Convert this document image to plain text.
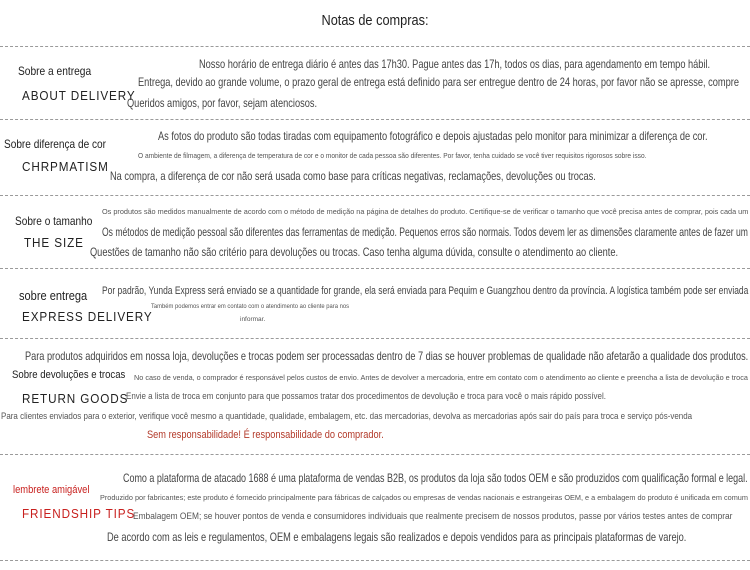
Notas de compras:
Sobre a entrega
ABOUT DELIVERY
Nosso horário de entrega diário é antes das 17h30. Pague antes das 17h, todos os dias, para agendamento em tempo hábil.
Entrega, devido ao grande volume, o prazo geral de entrega está definido para ser entregue dentro de 24 horas, por favor não se apresse, compre
Queridos amigos, por favor, sejam atenciosos.
Sobre diferença de cor
CHRPMATISM
As fotos do produto são todas tiradas com equipamento fotográfico e depois ajustadas pelo monitor para minimizar a diferença de cor.
O ambiente de filmagem, a diferença de temperatura de cor e o monitor de cada pessoa são diferentes. Por favor, tenha cuidado se você tiver requisitos rigorosos sobre isso.
Na compra, a diferença de cor não será usada como base para críticas negativas, reclamações, devoluções ou trocas.
Sobre o tamanho
THE SIZE
Os produtos são medidos manualmente de acordo com o método de medição na página de detalhes do produto. Certifique-se de verificar o tamanho que você precisa antes de comprar, pois cada um
Os métodos de medição pessoal são diferentes das ferramentas de medição. Pequenos erros são normais. Todos devem ler as dimensões claramente antes de fazer um
Questões de tamanho não são critério para devoluções ou trocas. Caso tenha alguma dúvida, consulte o atendimento ao cliente.
sobre entrega
EXPRESS DELIVERY
Por padrão, Yunda Express será enviado se a quantidade for grande, ela será enviada para Pequim e Guangzhou dentro da província. A logística também pode ser enviada
Também podemos entrar em contato com o atendimento ao cliente para nos
informar.
Sobre devoluções e trocas
RETURN GOODS
Para produtos adquiridos em nossa loja, devoluções e trocas podem ser processadas dentro de 7 dias se houver problemas de qualidade não afetarão a qualidade dos produtos.
No caso de venda, o comprador é responsável pelos custos de envio. Antes de devolver a mercadoria, entre em contato com o atendimento ao cliente e preencha a lista de devolução e troca
Envie a lista de troca em conjunto para que possamos tratar dos procedimentos de devolução e troca para você o mais rápido possível.
Para clientes enviados para o exterior, verifique você mesmo a quantidade, qualidade, embalagem, etc. das mercadorias, devolva as mercadorias após sair do país para troca e serviço pós-venda
Sem responsabilidade! É responsabilidade do comprador.
lembrete amigável
FRIENDSHIP TIPS
Como a plataforma de atacado 1688 é uma plataforma de vendas B2B, os produtos da loja são todos OEM e são produzidos com qualificação formal e legal.
Produzido por fabricantes; este produto é fornecido principalmente para fábricas de calçados ou empresas de vendas nacionais e estrangeiras OEM, e a embalagem do produto é unificada em comum
Embalagem OEM; se houver pontos de venda e consumidores individuais que realmente precisem de nossos produtos, passe por vários testes antes de comprar
De acordo com as leis e regulamentos, OEM e embalagens legais são realizados e depois vendidos para as principais plataformas de varejo.
